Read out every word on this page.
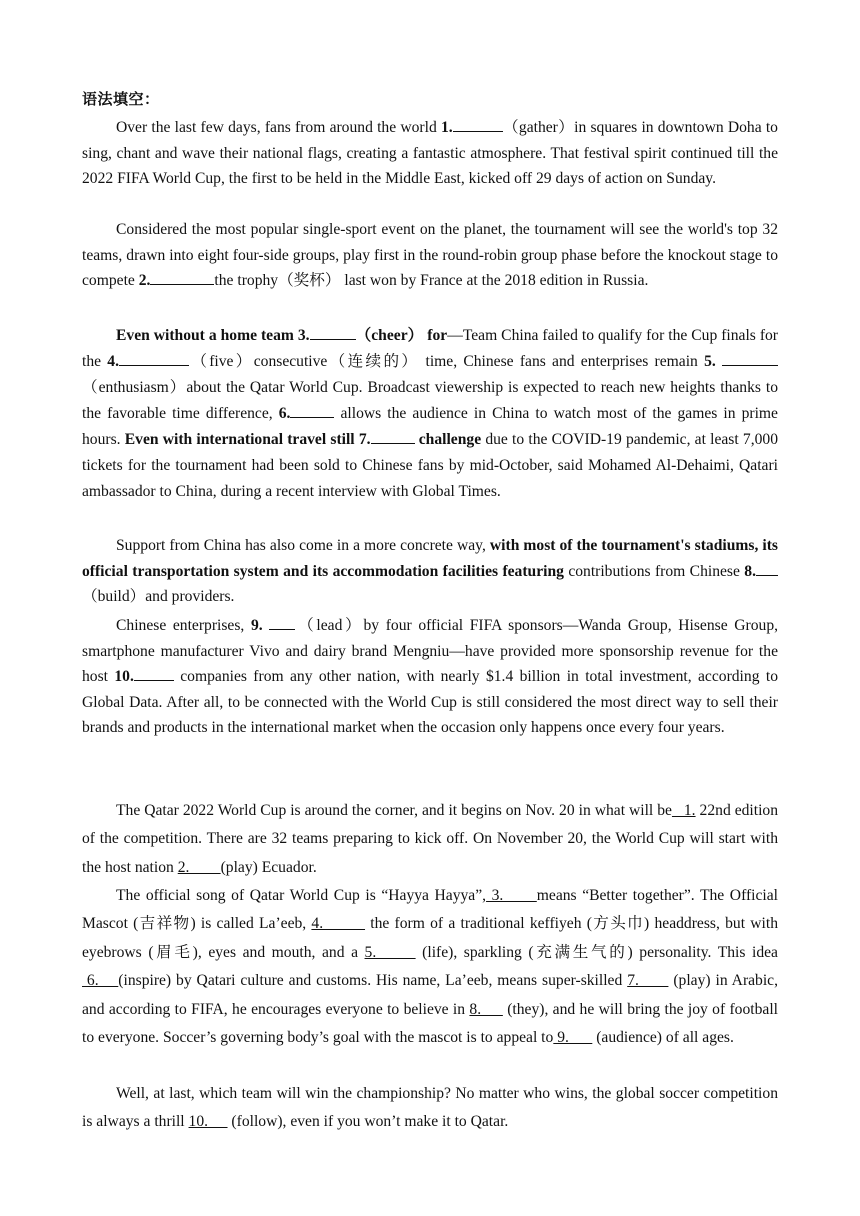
语法填空：

Over the last few days, fans from around the world 1.	（gather）in squares in downtown Doha to sing, chant and wave their national flags, creating a fantastic atmosphere. That festival spirit continued till the 2022 FIFA World Cup, the first to be held in the Middle East, kicked off 29 days of action on Sunday.

Considered the most popular single-sport event on the planet, the tournament will see the world's top 32 teams, drawn into eight four-side groups, play first in the round-robin group phase before the knockout stage to compete 2.	the trophy（奖杯） last won by France at the 2018 edition in Russia.

Even without a home team 3.	（cheer） for—Team China failed to qualify for the Cup finals for the 4.	（five）consecutive（连续的） time, Chinese fans and enterprises remain 5. （enthusiasm）about the Qatar World Cup. Broadcast viewership is expected to reach new heights thanks to the favorable time difference, 6.	allows the audience in China to watch most of the games in prime hours. Even with international travel still 7.	challenge due to the COVID-19 pandemic, at least 7,000 tickets for the tournament had been sold to Chinese fans by mid-October, said Mohamed Al-Dehaimi, Qatari ambassador to China, during a recent interview with Global Times.

Support from China has also come in a more concrete way, with most of the tournament's stadiums, its official transportation system and its accommodation facilities featuring contributions from Chinese 8.（build）and providers.

Chinese enterprises, 9. （lead）by four official FIFA sponsors—Wanda Group, Hisense Group, smartphone manufacturer Vivo and dairy brand Mengniu—have provided more sponsorship revenue for the host 10.	companies from any other nation, with nearly $1.4 billion in total investment, according to Global Data. After all, to be connected with the World Cup is still considered the most direct way to sell their brands and products in the international market when the occasion only happens once every four years.

The Qatar 2022 World Cup is around the corner, and it begins on Nov. 20 in what will be   1. 22nd edition of the competition. There are 32 teams preparing to kick off. On November 20, the World Cup will start with the host nation 2.        (play) Ecuador.

The official song of Qatar World Cup is “Hayya Hayya”, 3.      means “Better together”. The Official Mascot (吉祥物) is called La’eeb, 4.         the form of a traditional keffiyeh (方头巾) headdress, but with eyebrows (眉毛), eyes and mouth, and a 5.       (life), sparkling (充满生气的) personality. This idea 6.    (inspire) by Qatari culture and customs. His name, La’eeb, means super-skilled 7.       (play) in Arabic, and according to FIFA, he encourages everyone to believe in 8.      (they), and he will bring the joy of football to everyone. Soccer’s governing body’s goal with the mascot is to appeal to 9.       (audience) of all ages.

Well, at last, which team will win the championship? No matter who wins, the global soccer competition is always a thrill 10.      (follow), even if you won’t make it to Qatar.
